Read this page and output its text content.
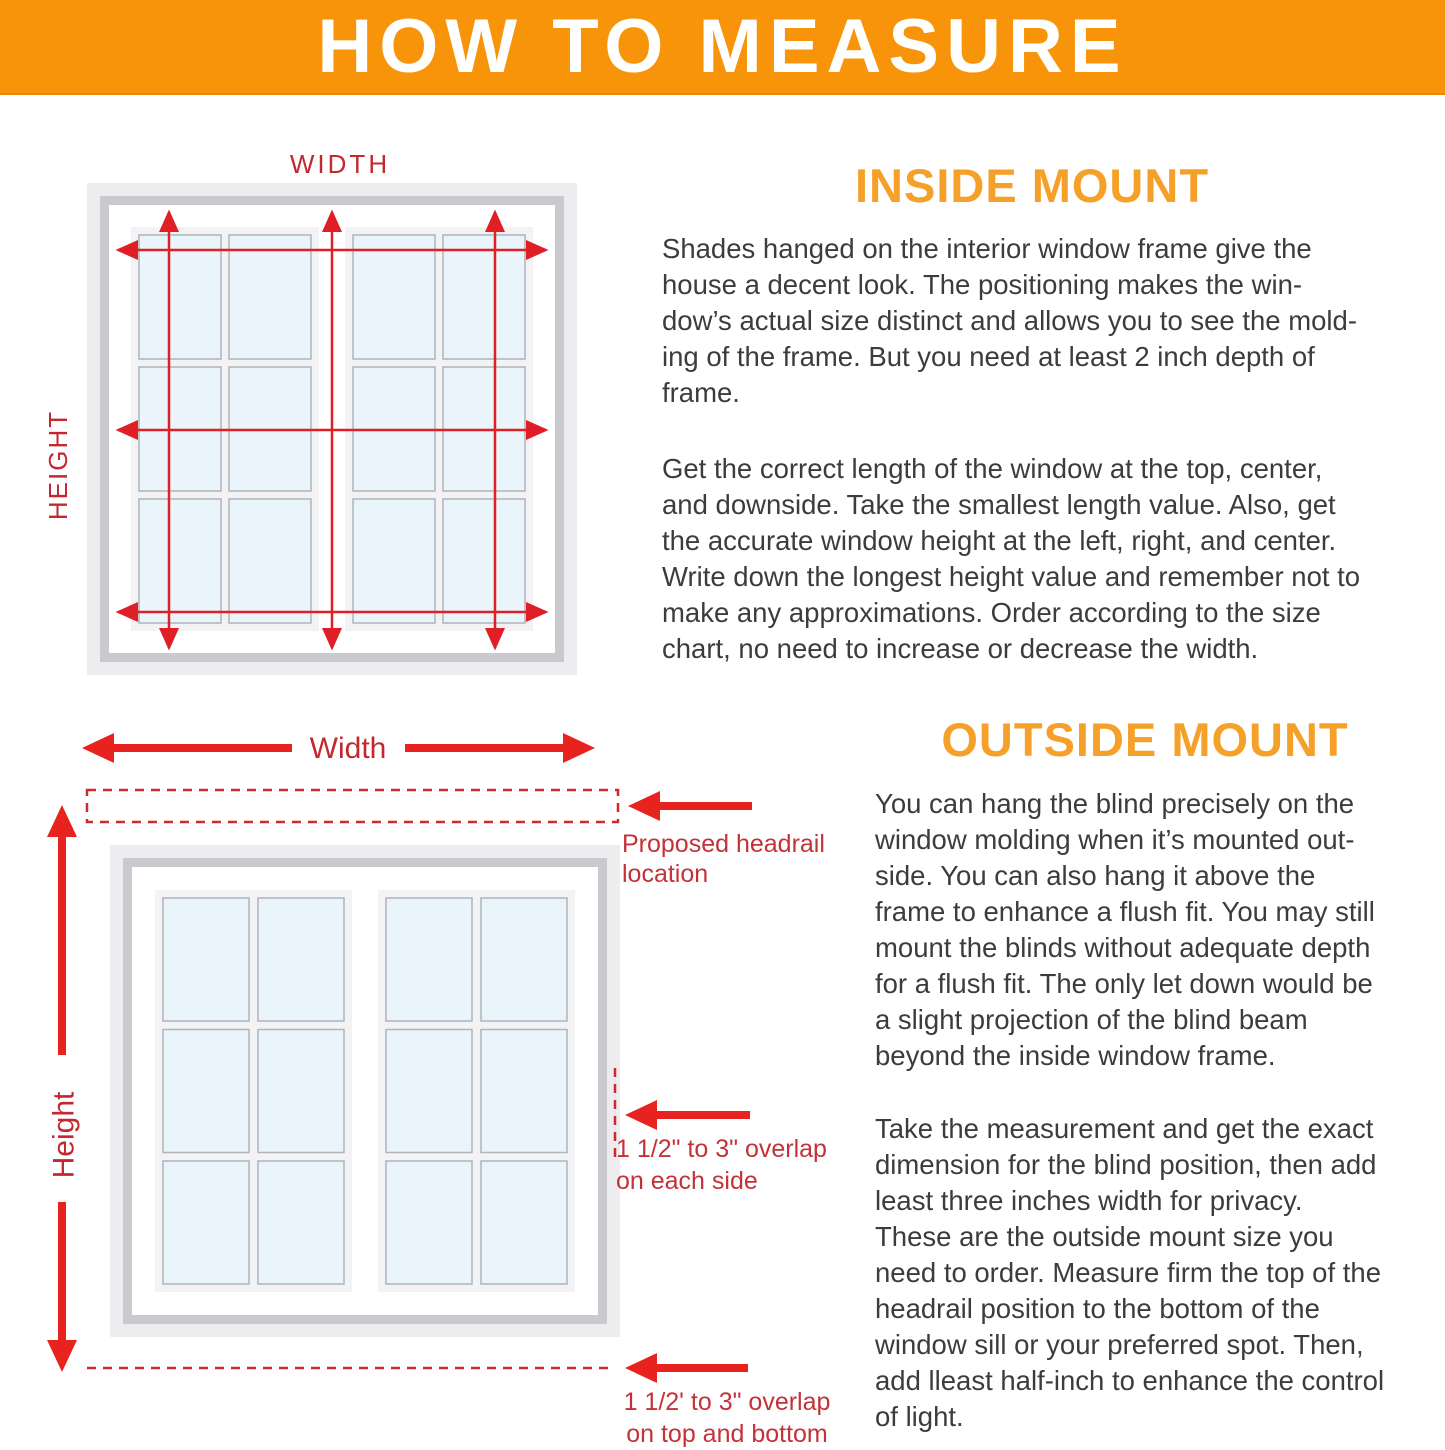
HOW TO MEASURE
WIDTH
HEIGHT
INSIDE MOUNT
Shades hanged on the interior window frame give the
house a decent look. The positioning makes the win-
dow’s actual size distinct and allows you to see the mold-
ing of the frame. But you need at least 2 inch depth of
frame.
Get the correct length of the window at the top, center,
and downside. Take the smallest length value. Also, get
the accurate window height at the left, right, and center.
Write down the longest height value and remember not to
make any approximations. Order according to the size
chart, no need to increase or decrease the width.
Width
Proposed headrail
location
Height	1 1/2" to 3" overlap
on each side
1 1/2' to 3" overlap
on top and bottom
OUTSIDE MOUNT
You can hang the blind precisely on the
window molding when it’s mounted out-
side. You can also hang it above the
frame to enhance a flush fit. You may still
mount the blinds without adequate depth
for a flush fit. The only let down would be
a slight projection of the blind beam
beyond the inside window frame.
Take the measurement and get the exact
dimension for the blind position, then add
least three inches width for privacy.
These are the outside mount size you
need to order. Measure firm the top of the
headrail position to the bottom of the
window sill or your preferred spot. Then,
add lleast half-inch to enhance the control
of light.
